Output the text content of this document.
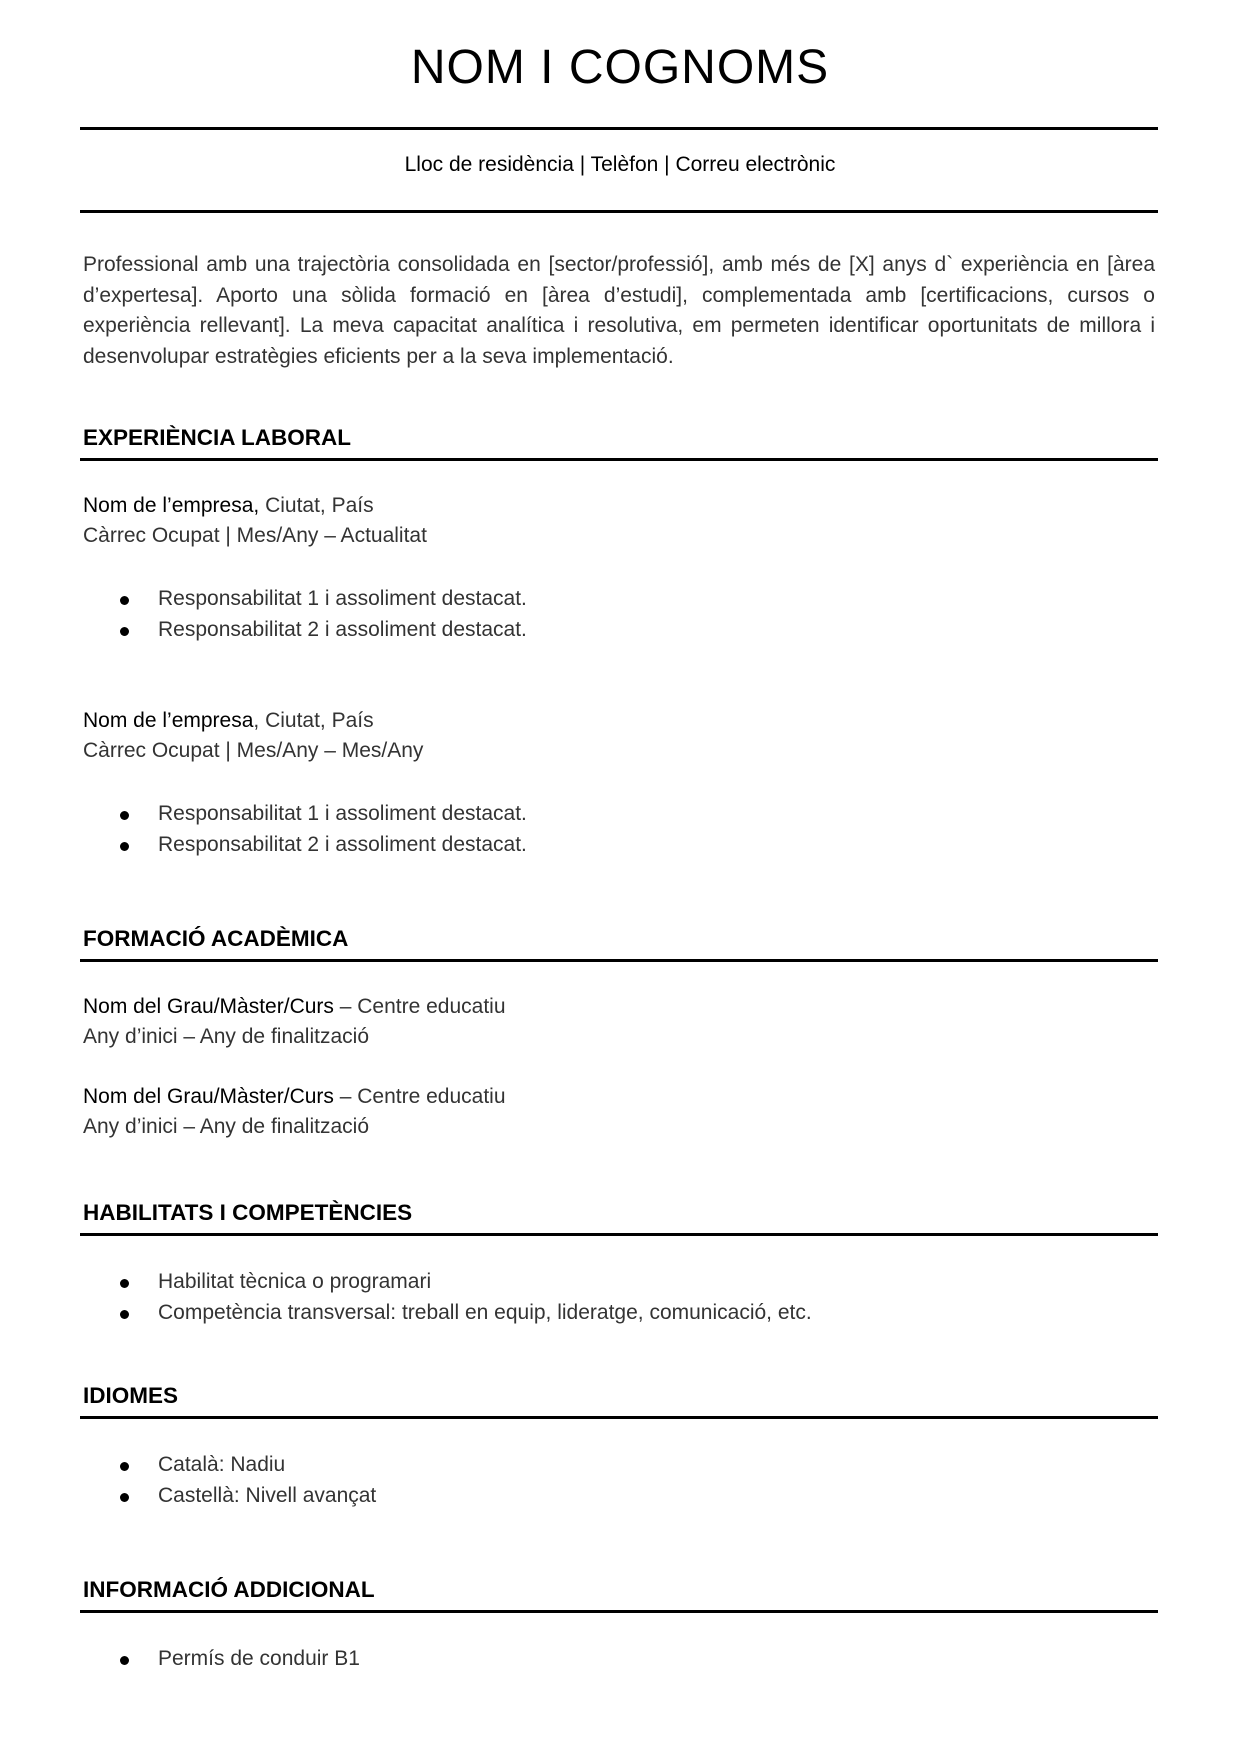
NOM I COGNOMS
Lloc de residència | Telèfon | Correu electrònic
Professional amb una trajectòria consolidada en [sector/professió], amb més de [X] anys d` experiència en [àrea d’expertesa]. Aporto una sòlida formació en [àrea d’estudi], complementada amb [certificacions, cursos o experiència rellevant]. La meva capacitat analítica i resolutiva, em permeten identificar oportunitats de millora i desenvolupar estratègies eficients per a la seva implementació.
EXPERIÈNCIA LABORAL
Nom de l’empresa, Ciutat, País
Càrrec Ocupat | Mes/Any – Actualitat
Responsabilitat 1 i assoliment destacat.
Responsabilitat 2 i assoliment destacat.
Nom de l’empresa, Ciutat, País
Càrrec Ocupat | Mes/Any – Mes/Any
Responsabilitat 1 i assoliment destacat.
Responsabilitat 2 i assoliment destacat.
FORMACIÓ ACADÈMICA
Nom del Grau/Màster/Curs – Centre educatiu
Any d’inici – Any de finalització
Nom del Grau/Màster/Curs – Centre educatiu
Any d’inici – Any de finalització
HABILITATS I COMPETÈNCIES
Habilitat tècnica o programari
Competència transversal: treball en equip, lideratge, comunicació, etc.
IDIOMES
Català: Nadiu
Castellà: Nivell avançat
INFORMACIÓ ADDICIONAL
Permís de conduir B1
